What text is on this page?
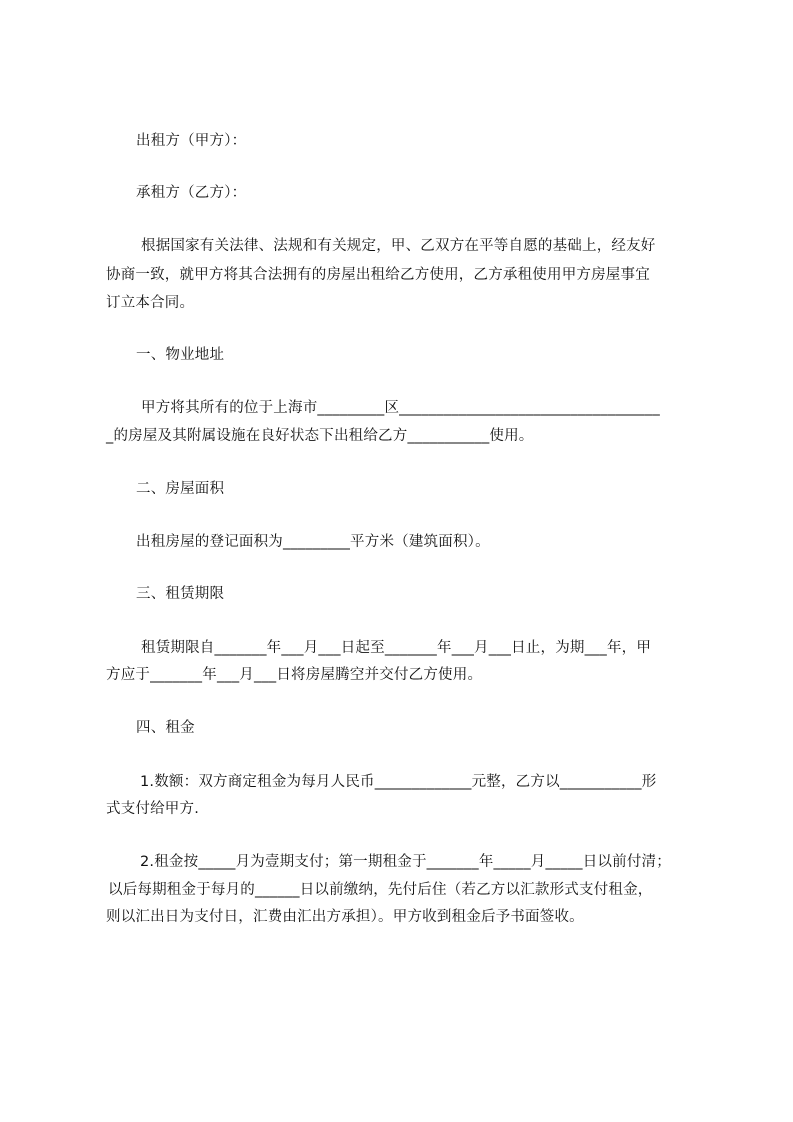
出租方（甲方）：
承租方（乙方）：
根据国家有关法律、法规和有关规定，甲、乙双方在平等自愿的基础上，经友好
协商一致，就甲方将其合法拥有的房屋出租给乙方使用，乙方承租使用甲方房屋事宜
订立本合同。
一、物业地址
甲方将其所有的位于上海市_________区___________________________________
_的房屋及其附属设施在良好状态下出租给乙方___________使用。
二、房屋面积
出租房屋的登记面积为_________平方米（建筑面积）。
三、租赁期限
租赁期限自_______年___月___日起至_______年___月___日止，为期___年，甲
方应于_______年___月___日将房屋腾空并交付乙方使用。
四、租金
1.数额：双方商定租金为每月人民币_____________元整，乙方以___________形
式支付给甲方.
2.租金按_____月为壹期支付；第一期租金于_______年_____月_____日以前付清；
以后每期租金于每月的______日以前缴纳，先付后住（若乙方以汇款形式支付租金，
则以汇出日为支付日，汇费由汇出方承担）。甲方收到租金后予书面签收。
